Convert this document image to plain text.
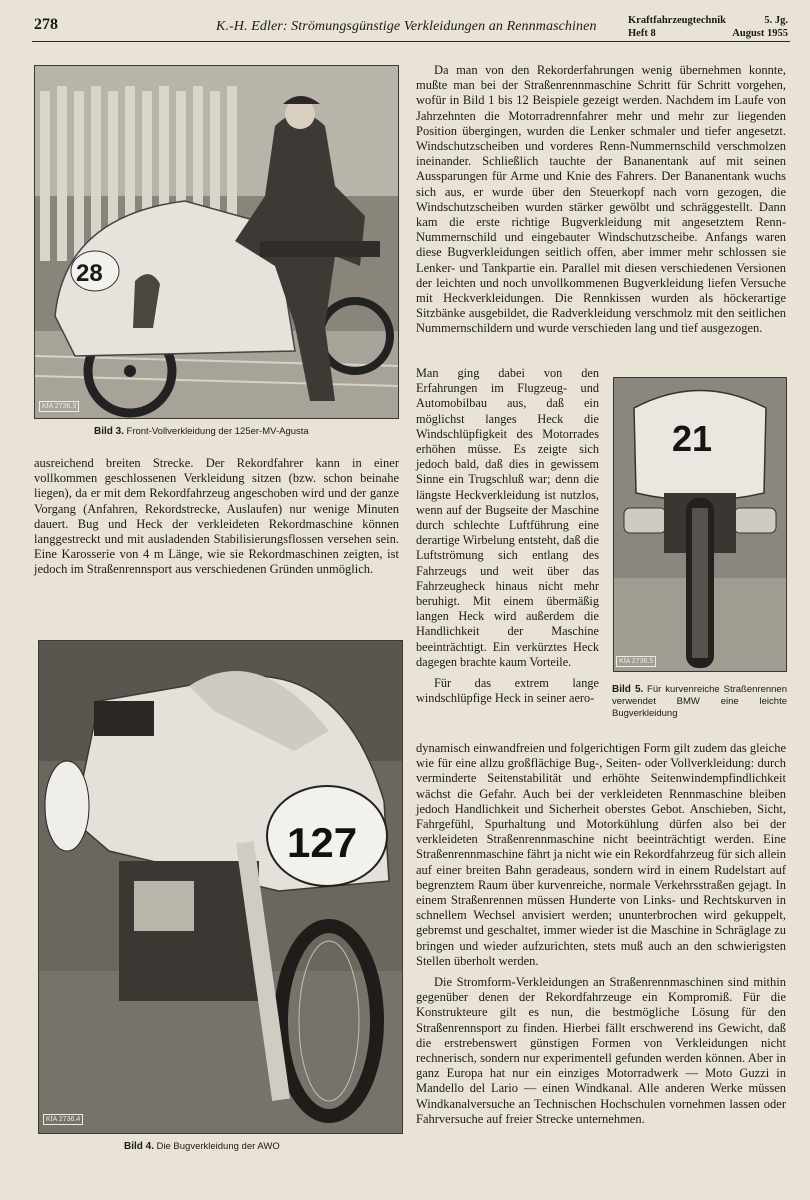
278	K.-H. Edler: Strömungsgünstige Verkleidungen an Rennmaschinen	Kraftfahrzeugtechnik	5. Jg.
Heft 8	August 1955
28
KfA 2736.3
Bild 3. Front-Vollverkleidung der 125er-MV-Agusta

ausreichend breiten Strecke. Der Rekordfahrer kann in einer vollkommen geschlossenen Verkleidung sitzen (bzw. schon beinahe liegen), da er mit dem Rekordfahrzeug angeschoben wird und der ganze Vorgang (Anfahren, Rekordstrecke, Auslaufen) nur wenige Minuten dauert. Bug und Heck der verkleideten Rekordmaschine können langgestreckt und mit ausladenden Stabilisierungsflossen versehen sein. Eine Karosserie von 4 m Länge, wie sie Rekordmaschinen zeigten, ist jedoch im Straßenrennsport aus verschiedenen Gründen unmöglich.

127
KfA 2736.4
Bild 4. Die Bugverkleidung der AWO

Da man von den Rekorderfahrungen wenig übernehmen konnte, mußte man bei der Straßenrennmaschine Schritt für Schritt vorgehen, wofür in Bild 1 bis 12 Beispiele gezeigt werden. Nachdem im Laufe von Jahrzehnten die Motorradrennfahrer mehr und mehr zur liegenden Position übergingen, wurden die Lenker schmaler und tiefer angesetzt. Windschutzscheiben und vorderes Renn-Nummernschild verschmolzen ineinander. Schließlich tauchte der Bananentank auf mit seinen Aussparungen für Arme und Knie des Fahrers. Der Bananentank wuchs sich aus, er wurde über den Steuerkopf nach vorn gezogen, die Windschutzscheiben wurden stärker gewölbt und schräggestellt. Dann kam die erste richtige Bugverkleidung mit angesetztem Renn-Nummernschild und eingebauter Windschutzscheibe. Anfangs waren diese Bugverkleidungen seitlich offen, aber immer mehr schlossen sie Lenker- und Tankpartie ein. Parallel mit diesen verschiedenen Versionen der leichten und noch unvollkommenen Bugverkleidung liefen Versuche mit Heckverkleidungen. Die Rennkissen wurden als höckerartige Sitzbänke ausgebildet, die Radverkleidung verschmolz mit den seitlichen Nummernschildern und wurde verschieden lang und tief ausgezogen.

Man ging dabei von den Erfahrungen im Flugzeug- und Automobilbau aus, daß ein möglichst langes Heck die Windschlüpfigkeit des Motorrades erhöhen müsse. Es zeigte sich jedoch bald, daß dies in gewissem Sinne ein Trugschluß war; denn die längste Heckverkleidung ist nutzlos, wenn auf der Bugseite der Maschine durch schlechte Luftführung eine derartige Wirbelung entsteht, daß die Luftströmung sich entlang des Fahrzeugs und weit über das Fahrzeugheck hinaus nicht mehr beruhigt. Mit einem übermäßig langen Heck wird außerdem die Handlichkeit der Maschine beeinträchtigt. Ein verkürztes Heck dagegen brachte kaum Vorteile.

Für das extrem lange windschlüpfige Heck in seiner aero-

21
KfA 2736.5
Bild 5. Für kurvenreiche Straßenrennen verwendet BMW eine leichte Bugverkleidung

dynamisch einwandfreien und folgerichtigen Form gilt zudem das gleiche wie für eine allzu großflächige Bug-, Seiten- oder Vollverkleidung: durch verminderte Seitenstabilität und erhöhte Seitenwindempfindlichkeit wächst die Gefahr. Auch bei der verkleideten Rennmaschine bleiben jedoch Handlichkeit und Sicherheit oberstes Gebot. Anschieben, Sicht, Fahrgefühl, Spurhaltung und Motorkühlung dürfen also bei der verkleideten Straßenrennmaschine nicht beeinträchtigt werden. Eine Straßenrennmaschine fährt ja nicht wie ein Rekordfahrzeug für sich allein auf einer breiten Bahn geradeaus, sondern wird in einem Rudelstart auf begrenztem Raum über kurvenreiche, normale Verkehrsstraßen gejagt. In einem Straßenrennen müssen Hunderte von Links- und Rechtskurven in schnellem Wechsel anvisiert werden; ununterbrochen wird gekuppelt, gebremst und geschaltet, immer wieder ist die Maschine in Schräglage zu bringen und wieder aufzurichten, stets muß auch an den schwierigsten Stellen überholt werden.

Die Stromform-Verkleidungen an Straßenrennmaschinen sind mithin gegenüber denen der Rekordfahrzeuge ein Kompromiß. Für die Konstrukteure gilt es nun, die bestmögliche Lösung für den Straßenrennsport zu finden. Hierbei fällt erschwerend ins Gewicht, daß die erstrebenswert günstigen Formen von Verkleidungen nicht rechnerisch, sondern nur experimentell gefunden werden können. Aber in ganz Europa hat nur ein einziges Motorradwerk — Moto Guzzi in Mandello del Lario — einen Windkanal. Alle anderen Werke müssen Windkanalversuche an Technischen Hochschulen vornehmen lassen oder Fahrversuche auf freier Strecke unternehmen.
